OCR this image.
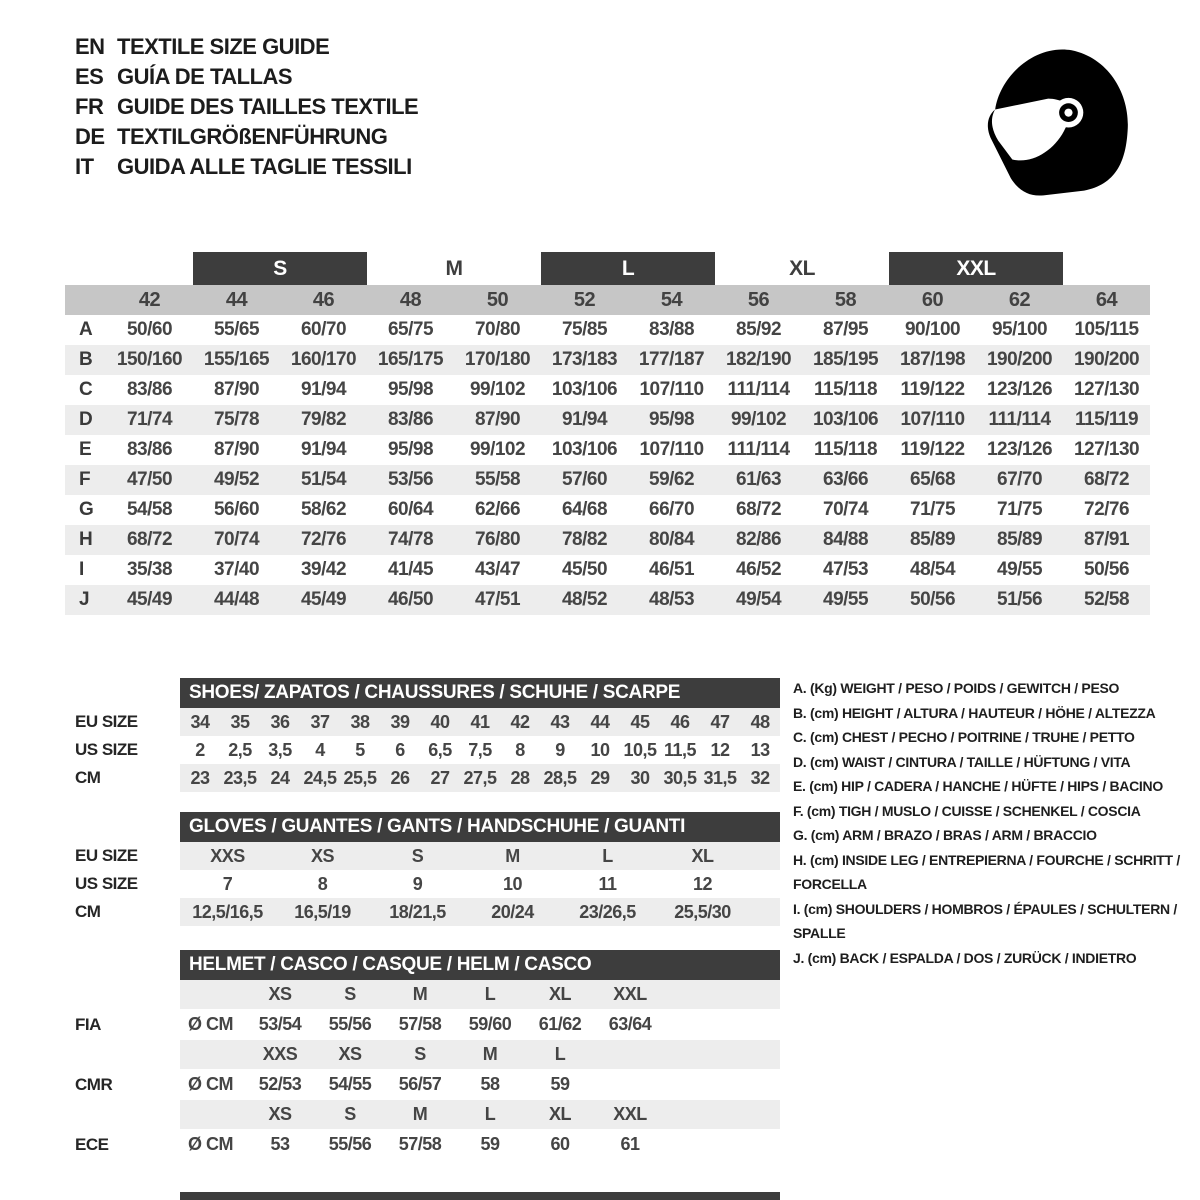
EN TEXTILE SIZE GUIDE
ES GUÍA DE TALLAS
FR GUIDE DES TAILLES TEXTILE
DE TEXTILGRÖßENFÜHRUNG
IT	GUIDA ALLE TAGLIE TESSILI
		S		M		L		XL		XXL		
	42	44	46	48	50	52	54	56	58	60	62	64
A	50/60	55/65	60/70	65/75	70/80	75/85	83/88	85/92	87/95	90/100	95/100	105/115
B	150/160	155/165	160/170	165/175	170/180	173/183	177/187	182/190	185/195	187/198	190/200	190/200
C	83/86	87/90	91/94	95/98	99/102	103/106	107/110	111/114	115/118	119/122	123/126	127/130
D	71/74	75/78	79/82	83/86	87/90	91/94	95/98	99/102	103/106	107/110	111/114	115/119
E	83/86	87/90	91/94	95/98	99/102	103/106	107/110	111/114	115/118	119/122	123/126	127/130
F	47/50	49/52	51/54	53/56	55/58	57/60	59/62	61/63	63/66	65/68	67/70	68/72
G	54/58	56/60	58/62	60/64	62/66	64/68	66/70	68/72	70/74	71/75	71/75	72/76
H	68/72	70/74	72/76	74/78	76/80	78/82	80/84	82/86	84/88	85/89	85/89	87/91
I	35/38	37/40	39/42	41/45	43/47	45/50	46/51	46/52	47/53	48/54	49/55	50/56
J	45/49	44/48	45/49	46/50	47/51	48/52	48/53	49/54	49/55	50/56	51/56	52/58
	SHOES/ ZAPATOS / CHAUSSURES / SCHUHE / SCARPE														
EU SIZE	34	35	36	37	38	39	40	41	42	43	44	45	46	47	48
US SIZE	2	2,5	3,5	4	5	6	6,5	7,5	8	9	10	10,5	11,5	12	13
CM	23	23,5	24	24,5	25,5	26	27	27,5	28	28,5	29	30	30,5	31,5	32
	GLOVES / GUANTES / GANTS / HANDSCHUHE / GUANTI						
EU SIZE	XXS	XS	S	M	L	XL	
US SIZE	7	8	9	10	11	12	
CM	12,5/16,5	16,5/19	18/21,5	20/24	23/26,5	25,5/30	
	HELMET / CASCO / CASQUE / HELM / CASCO							
		XS	S	M	L	XL	XXL	
FIA	Ø CM	53/54	55/56	57/58	59/60	61/62	63/64	
		XXS	XS	S	M	L		
CMR	Ø CM	52/53	54/55	56/57	58	59		
		XS	S	M	L	XL	XXL	
ECE	Ø CM	53	55/56	57/58	59	60	61	
A. (Kg) WEIGHT / PESO / POIDS / GEWITCH / PESO
B. (cm) HEIGHT / ALTURA / HAUTEUR / HÖHE / ALTEZZA
C. (cm) CHEST / PECHO / POITRINE / TRUHE / PETTO
D. (cm) WAIST / CINTURA / TAILLE / HÜFTUNG / VITA
E. (cm) HIP / CADERA / HANCHE / HÜFTE / HIPS / BACINO
F. (cm) TIGH / MUSLO / CUISSE / SCHENKEL / COSCIA
G. (cm) ARM / BRAZO / BRAS / ARM / BRACCIO
H. (cm) INSIDE LEG / ENTREPIERNA / FOURCHE / SCHRITT / FORCELLA
I. (cm) SHOULDERS / HOMBROS / ÉPAULES / SCHULTERN / SPALLE
J. (cm) BACK / ESPALDA / DOS / ZURÜCK / INDIETRO
